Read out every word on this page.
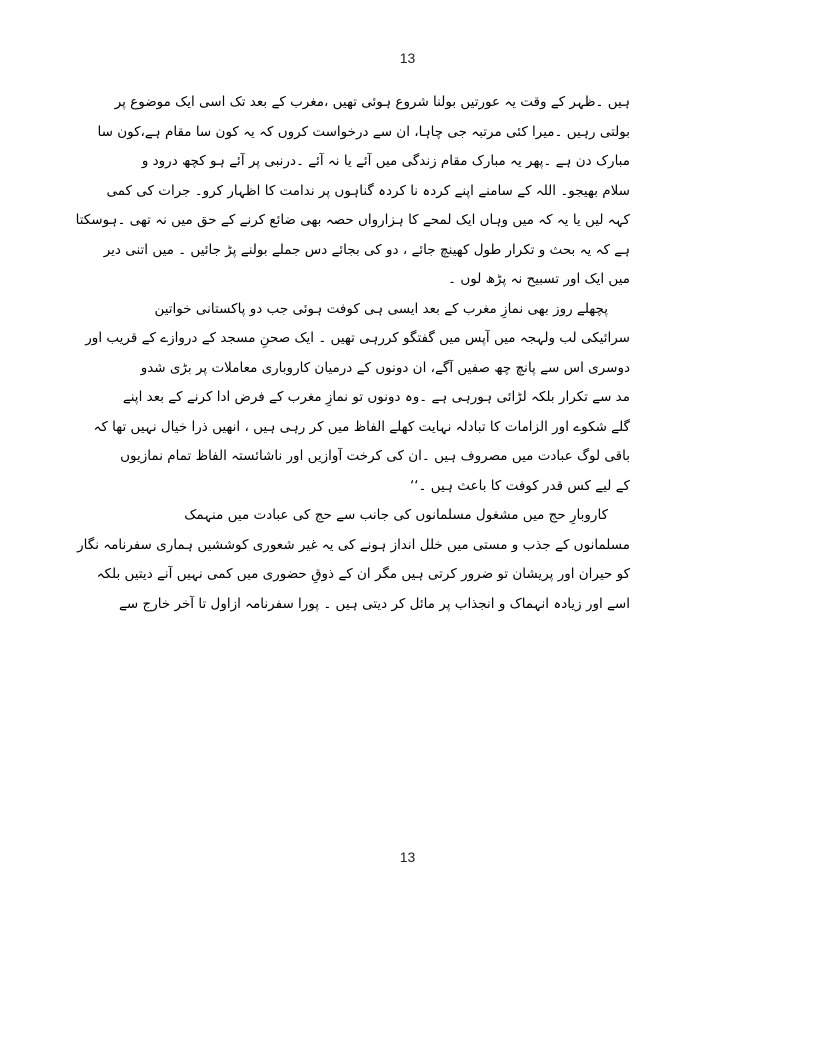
13
ہیں ۔ظہر کے وقت یہ عورتیں بولنا شروع ہوئی تھیں ،مغرب کے بعد تک اسی ایک موضوع پر
بولتی رہیں ۔میرا کئی مرتبہ جی چاہا، ان سے درخواست کروں کہ یہ کون سا مقام ہے،کون سا
مبارک دن ہے ۔پھر یہ مبارک مقام زندگی میں آئے یا نہ آئے ۔درنبی پر آئے ہو کچھ درود و
سلام بھیجو۔ اللہ کے سامنے اپنے کردہ نا کردہ گناہوں پر ندامت کا اظہار کرو۔ جرات کی کمی
کہہ لیں یا یہ کہ میں وہاں ایک لمحے کا ہزارواں حصہ بھی ضائع کرنے کے حق میں نہ تھی ۔ہوسکتا
ہے کہ یہ بحث و تکرار طول کھینچ جائے ، دو کی بجائے دس جملے بولنے پڑ جائیں ۔ میں اتنی دیر
میں ایک اور تسبیح نہ پڑھ لوں ۔
پچھلے روز بھی نمازِ مغرب کے بعد ایسی ہی کوفت ہوئی جب دو پاکستانی خواتین
سرائیکی لب ولہجہ میں آپس میں گفتگو کررہی تھیں ۔ ایک صحنِ مسجد کے دروازے کے قریب اور
دوسری اس سے پانچ چھ صفیں آگے، ان دونوں کے درمیان کاروباری معاملات پر بڑی شدو
مد سے تکرار بلکہ لڑائی ہورہی ہے ۔وہ دونوں تو نمازِ مغرب کے فرض ادا کرنے کے بعد اپنے
گلے شکوے اور الزامات کا تبادلہ نہایت کھلے الفاظ میں کر رہی ہیں ، انھیں ذرا خیال نہیں تھا کہ
باقی لوگ عبادت میں مصروف ہیں ۔ان کی کرخت آوازیں اور ناشائستہ الفاظ تمام نمازیوں
کے لیے کس قدر کوفت کا باعث ہیں ۔‘‘
کاروبارِ حج میں مشغول مسلمانوں کی جانب سے حج کی عبادت میں منہمک
مسلمانوں کے جذب و مستی میں خلل انداز ہونے کی یہ غیر شعوری کوششیں ہماری سفرنامہ نگار
کو حیران اور پریشان تو ضرور کرتی ہیں مگر ان کے ذوقِ حضوری میں کمی نہیں آنے دیتیں بلکہ
اسے اور زیادہ انہماک و انجذاب پر مائل کر دیتی ہیں ۔ پورا سفرنامہ ازاول تا آخر خارج سے
13
